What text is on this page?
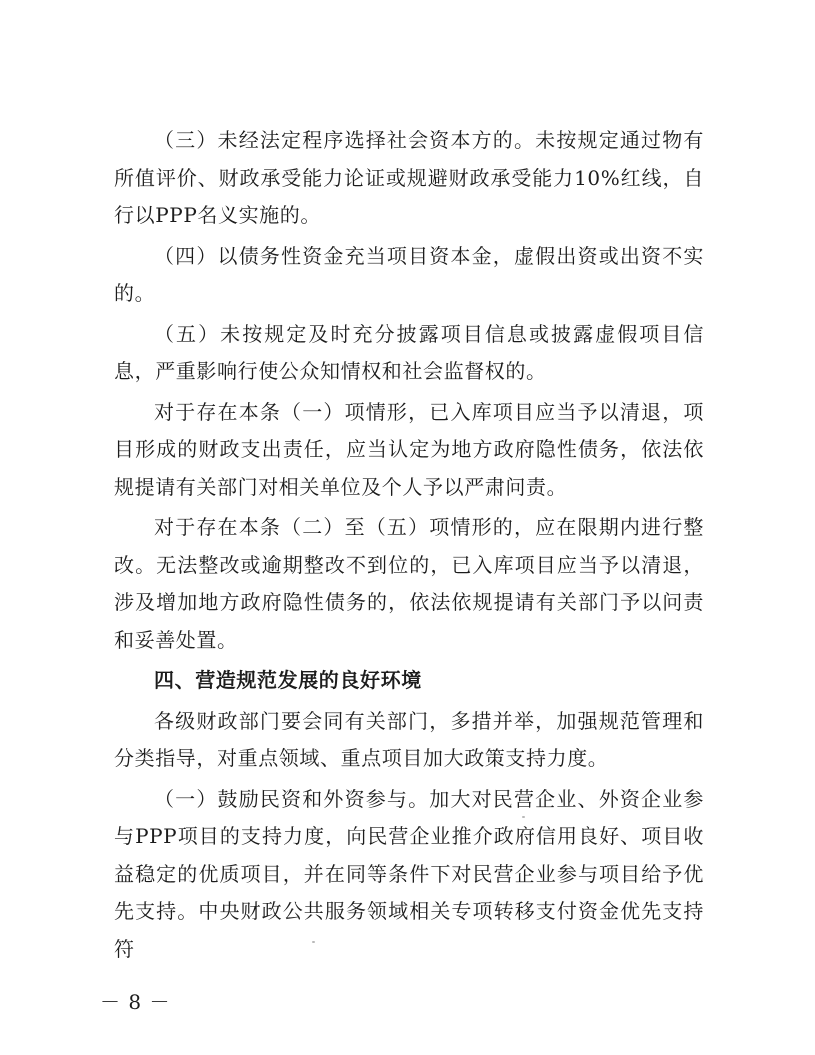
（三）未经法定程序选择社会资本方的。未按规定通过物有所值评价、财政承受能力论证或规避财政承受能力10%红线，自行以PPP名义实施的。

（四）以债务性资金充当项目资本金，虚假出资或出资不实的。

（五）未按规定及时充分披露项目信息或披露虚假项目信息，严重影响行使公众知情权和社会监督权的。

对于存在本条（一）项情形，已入库项目应当予以清退，项目形成的财政支出责任，应当认定为地方政府隐性债务，依法依规提请有关部门对相关单位及个人予以严肃问责。

对于存在本条（二）至（五）项情形的，应在限期内进行整改。无法整改或逾期整改不到位的，已入库项目应当予以清退，涉及增加地方政府隐性债务的，依法依规提请有关部门予以问责和妥善处置。

四、营造规范发展的良好环境

各级财政部门要会同有关部门，多措并举，加强规范管理和分类指导，对重点领域、重点项目加大政策支持力度。

（一）鼓励民资和外资参与。加大对民营企业、外资企业参与PPP项目的支持力度，向民营企业推介政府信用良好、项目收益稳定的优质项目，并在同等条件下对民营企业参与项目给予优先支持。中央财政公共服务领域相关专项转移支付资金优先支持符

－ 8 －
